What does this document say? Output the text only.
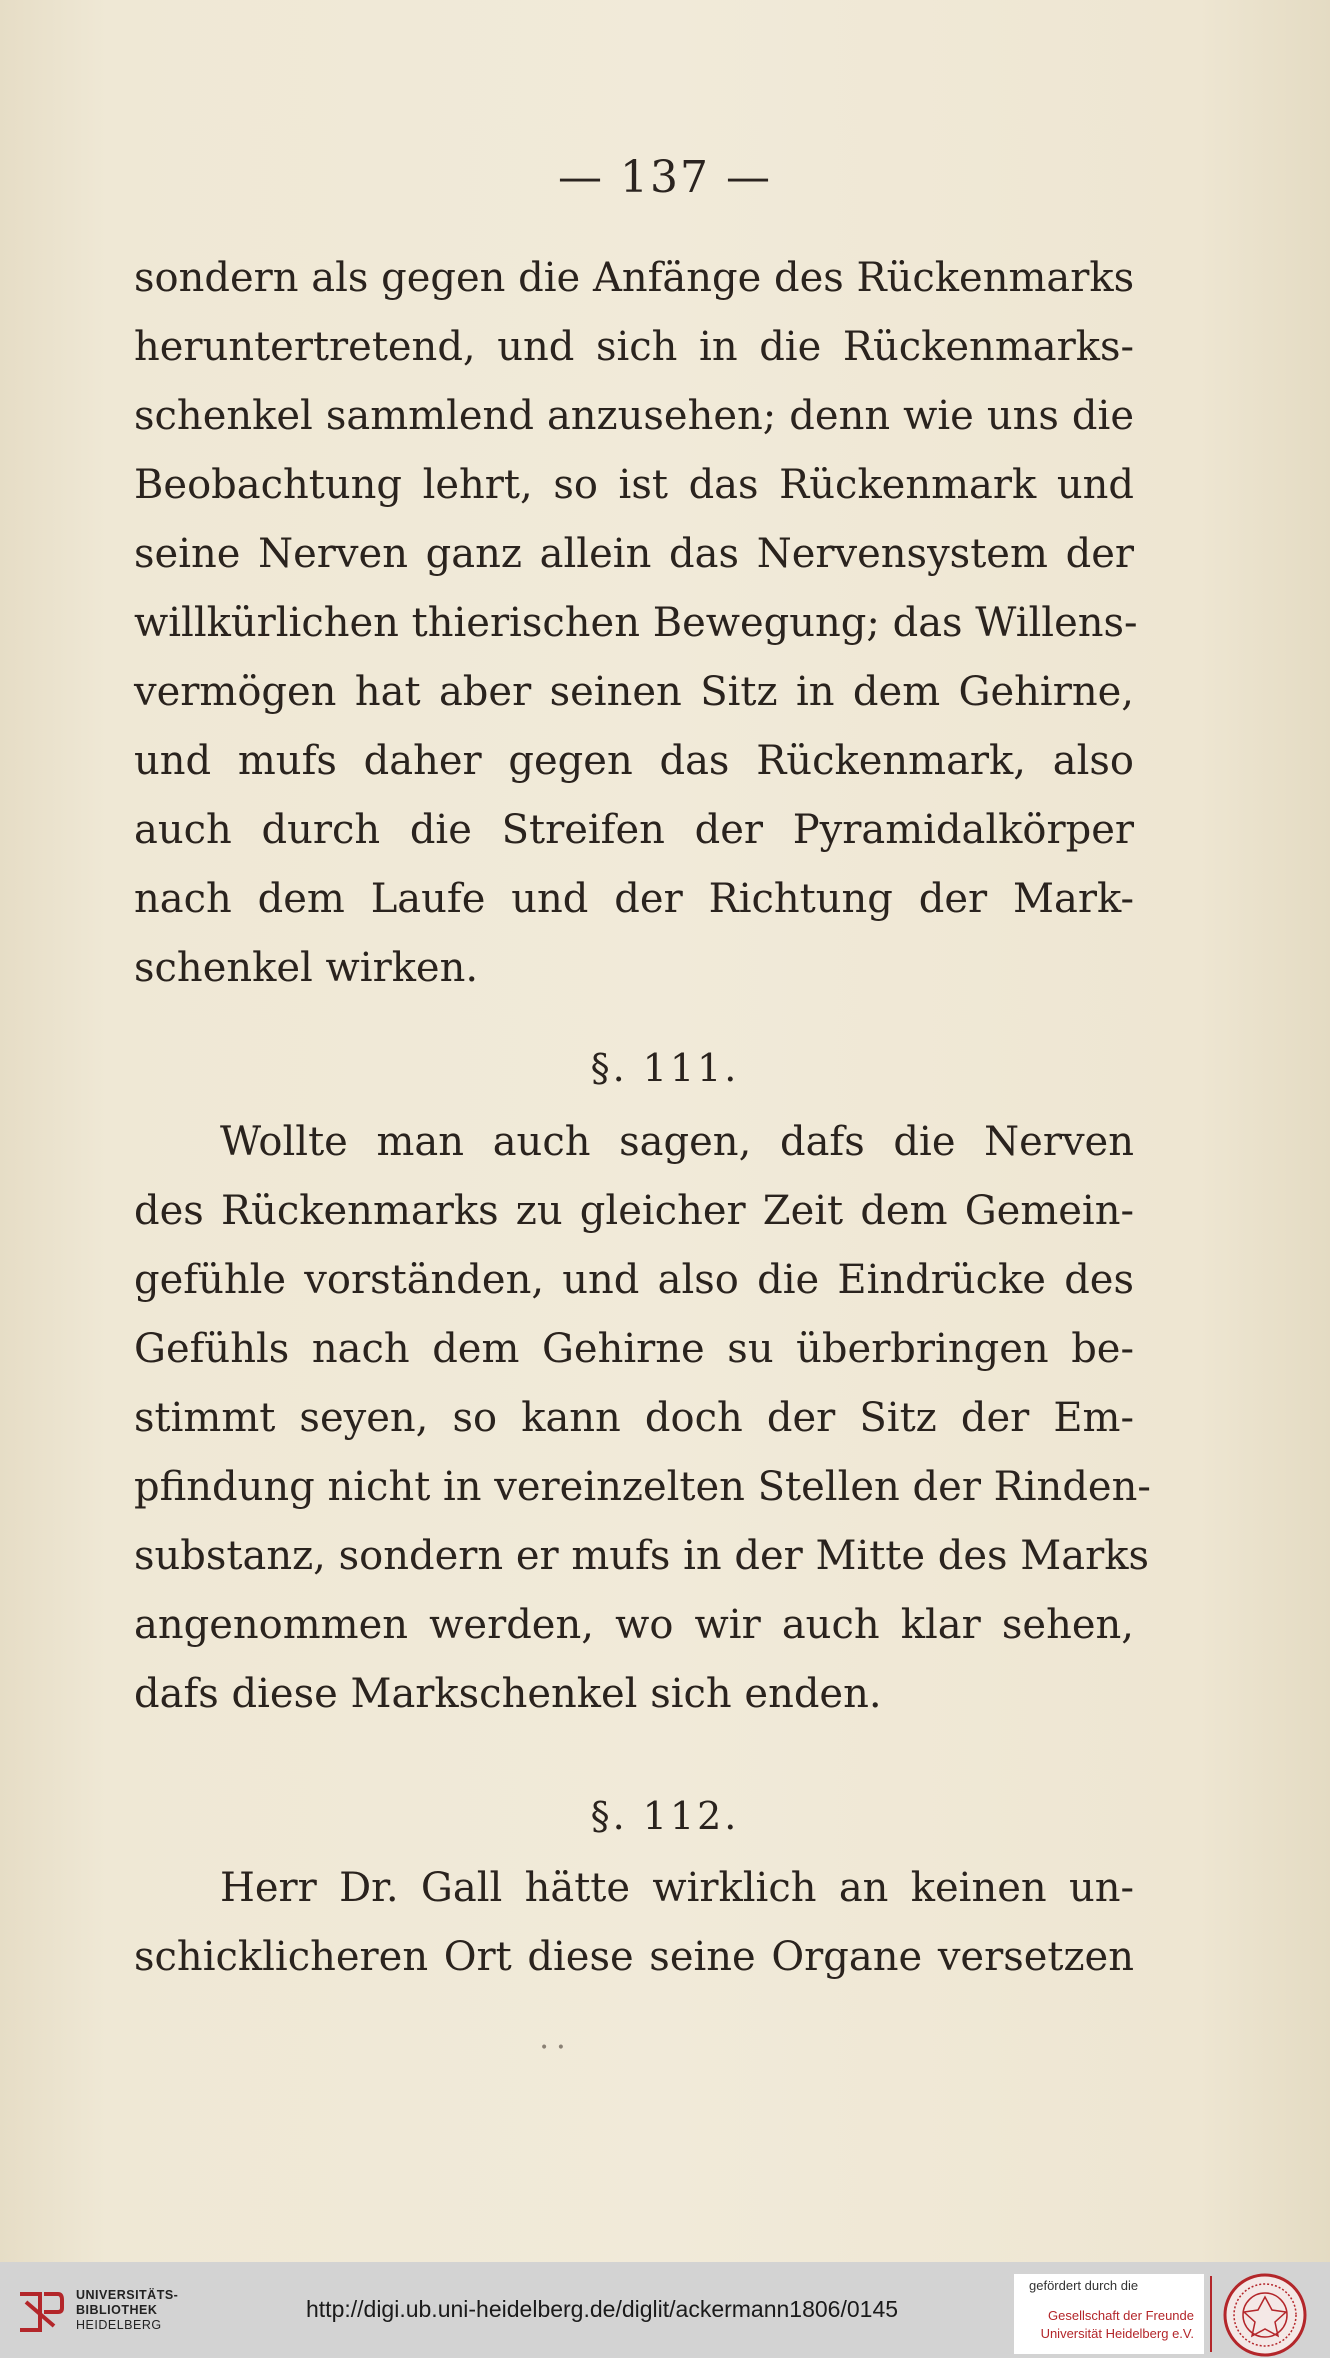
— 137 —
sondern als gegen die Anfänge des Rückenmarks
heruntertretend, und sich in die Rückenmarks-
schenkel sammlend anzusehen; denn wie uns die
Beobachtung lehrt, so ist das Rückenmark und
seine Nerven ganz allein das Nervensystem der
willkürlichen thierischen Bewegung; das Willens-
vermögen hat aber seinen Sitz in dem Gehirne,
und mufs daher gegen das Rückenmark, also
auch durch die Streifen der Pyramidalkörper
nach dem Laufe und der Richtung der Mark-
schenkel wirken.
§. 111.
Wollte man auch sagen, dafs die Nerven
des Rückenmarks zu gleicher Zeit dem Gemein-
gefühle vorständen, und also die Eindrücke des
Gefühls nach dem Gehirne su überbringen be-
stimmt seyen, so kann doch der Sitz der Em-
pfindung nicht in vereinzelten Stellen der Rinden-
substanz, sondern er mufs in der Mitte des Marks
angenommen werden, wo wir auch klar sehen,
dafs diese Markschenkel sich enden.
§. 112.
Herr Dr. Gall hätte wirklich an keinen un-
schicklicheren Ort diese seine Organe versetzen
• •
UNIVERSITÄTS-
BIBLIOTHEK
HEIDELBERG
http://digi.ub.uni-heidelberg.de/diglit/ackermann1806/0145
gefördert durch die
Gesellschaft der Freunde
Universität Heidelberg e.V.
